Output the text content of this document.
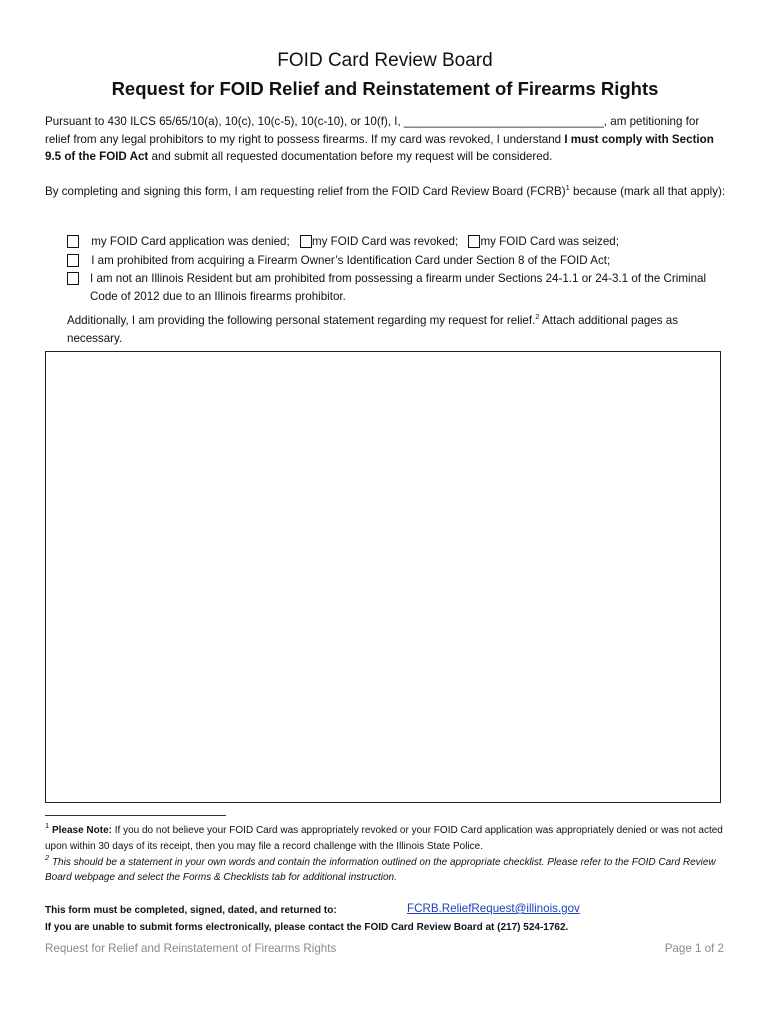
FOID Card Review Board
Request for FOID Relief and Reinstatement of Firearms Rights
Pursuant to 430 ILCS 65/65/10(a), 10(c), 10(c-5), 10(c-10), or 10(f), I, _______________________________, am petitioning for relief from any legal prohibitors to my right to possess firearms. If my card was revoked, I understand I must comply with Section 9.5 of the FOID Act and submit all requested documentation before my request will be considered.
By completing and signing this form, I am requesting relief from the FOID Card Review Board (FCRB)$^1$ because (mark all that apply):
my FOID Card application was denied; my FOID Card was revoked; my FOID Card was seized;
I am prohibited from acquiring a Firearm Owner’s Identification Card under Section 8 of the FOID Act;
I am not an Illinois Resident but am prohibited from possessing a firearm under Sections 24-1.1 or 24-3.1 of the Criminal Code of 2012 due to an Illinois firearms prohibitor.
Additionally, I am providing the following personal statement regarding my request for relief.$^2$ Attach additional pages as necessary.
$^1$ Please Note: If you do not believe your FOID Card was appropriately revoked or your FOID Card application was appropriately denied or was not acted upon within 30 days of its receipt, then you may file a record challenge with the Illinois State Police.
$^2$ This should be a statement in your own words and contain the information outlined on the appropriate checklist. Please refer to the FOID Card Review Board webpage and select the Forms & Checklists tab for additional instruction.
This form must be completed, signed, dated, and returned to:	FCRB.ReliefRequest@illinois.gov
If you are unable to submit forms electronically, please contact the FOID Card Review Board at (217) 524-1762.
Request for Relief and Reinstatement of Firearms Rights	Page 1 of 2
